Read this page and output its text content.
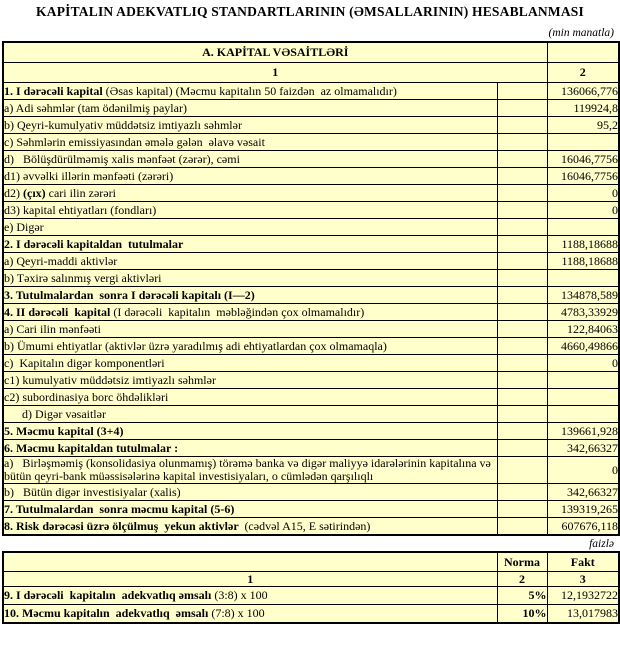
KAPİTALIN ADEKVATLIQ STANDARTLARININ (ƏMSALLARININ) HESABLANMASI
(min manatla)
A. KAPİTAL VƏSAİTLƏRİ		
1		2
1. I dərəcəli kapital (Əsas kapital) (Məcmu kapitalın 50 faizdən  az olmamalıdır)		136066,776
a) Adi səhmlər (tam ödənilmiş paylar)		119924,8
b) Qeyri-kumulyativ müddətsiz imtiyazlı səhmlər		95,2
c) Səhmlərin emissiyasından əmələ gələn  əlavə vəsait		
d)   Bölüşdürülməmiş xalis mənfəət (zərər), cəmi		16046,7756
d1) əvvəlki illərin mənfəəti (zərəri)		16046,7756
d2) (çıx) cari ilin zərəri		0
d3) kapital ehtiyatları (fondları)		0
e) Digər		
2. I dərəcəli kapitaldan  tutulmalar		1188,18688
a) Qeyri-maddi aktivlər		1188,18688
b) Təxirə salınmış vergi aktivləri		
3. Tutulmalardan  sonra I dərəcəli kapitalı (I—2)		134878,589
4. II dərəcəli  kapital (I dərəcəli  kapitalın  məbləğindən çox olmamalıdır)		4783,33929
a) Cari ilin mənfəəti		122,84063
b) Ümumi ehtiyatlar (aktivlər üzrə yaradılmış adi ehtiyatlardan çox olmamaqla)		4660,49866
c)  Kapitalın digər komponentləri		0
c1) kumulyativ müddətsiz imtiyazlı səhmlər		
c2) subordinasiya borc öhdəlikləri		
d) Digər vəsaitlər		
5. Məcmu kapital (3+4)		139661,928
6. Məcmu kapitaldan tutulmalar :		342,66327
a)   Birləşməmiş (konsolidasiya olunmamış) törəmə banka və digər maliyyə idarələrinin kapitalına və bütün qeyri-bank müəssisələrinə kapital investisiyaları, o cümlədən qarşılıqlı		0
b)   Bütün digər investisiyalar (xalis)		342,66327
7. Tutulmalardan  sonra məcmu kapital (5-6)		139319,265
8. Risk dərəcəsi üzrə ölçülmuş  yekun aktivlər  (cədvəl A15, E sətirindən)		607676,118
faizlə
	Norma	Fakt
1	2	3
9. I dərəcəli  kapitalın  adekvatlıq əmsalı (3:8) x 100	5%	12,1932722
10. Məcmu kapitalın  adekvatlıq  əmsalı (7:8) x 100	10%	13,017983
